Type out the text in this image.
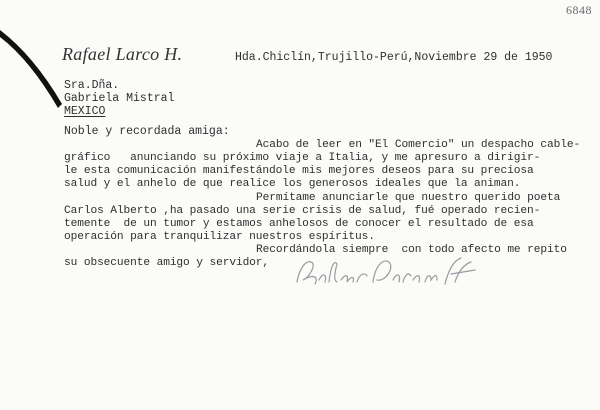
6848
Rafael Larco H.	Hda.Chiclín,Trujillo-Perú,Noviembre 29 de 1950
Sra.Dña.
Gabriela Mistral
MEXICO
Noble y recordada amiga:
Acabo de leer en "El Comercio" un despacho cable-
gráfico   anunciando su próximo viaje a Italia, y me apresuro a dirigir-
le esta comunicación manifestándole mis mejores deseos para su preciosa
salud y el anhelo de que realice los generosos ideales que la animan.
Permítame anunciarle que nuestro querido poeta
Carlos Alberto ,ha pasado una serie crisis de salud, fué operado recien-
temente  de un tumor y estamos anhelosos de conocer el resultado de esa
operación para tranquilizar nuestros espíritus.
Recordándola siempre  con todo afecto me repito
su obsecuente amigo y servidor,
